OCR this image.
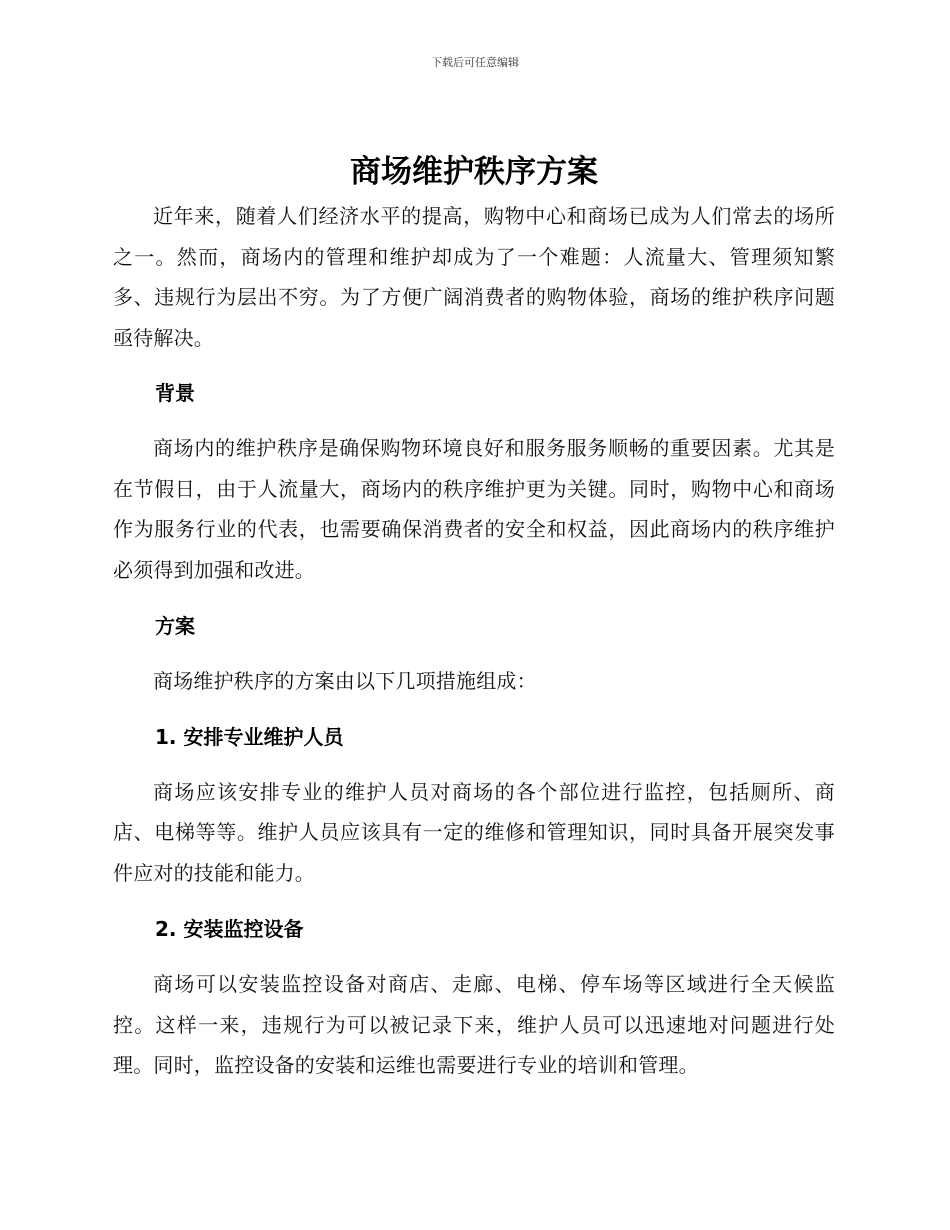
下载后可任意编辑
商场维护秩序方案

近年来，随着人们经济水平的提高，购物中心和商场已成为人们常去的场所之一。然而，商场内的管理和维护却成为了一个难题：人流量大、管理须知繁多、违规行为层出不穷。为了方便广阔消费者的购物体验，商场的维护秩序问题亟待解决。

背景

商场内的维护秩序是确保购物环境良好和服务服务顺畅的重要因素。尤其是在节假日，由于人流量大，商场内的秩序维护更为关键。同时，购物中心和商场作为服务行业的代表，也需要确保消费者的安全和权益，因此商场内的秩序维护必须得到加强和改进。

方案

商场维护秩序的方案由以下几项措施组成：

1. 安排专业维护人员

商场应该安排专业的维护人员对商场的各个部位进行监控，包括厕所、商店、电梯等等。维护人员应该具有一定的维修和管理知识，同时具备开展突发事件应对的技能和能力。

2. 安装监控设备

商场可以安装监控设备对商店、走廊、电梯、停车场等区域进行全天候监控。这样一来，违规行为可以被记录下来，维护人员可以迅速地对问题进行处理。同时，监控设备的安装和运维也需要进行专业的培训和管理。
